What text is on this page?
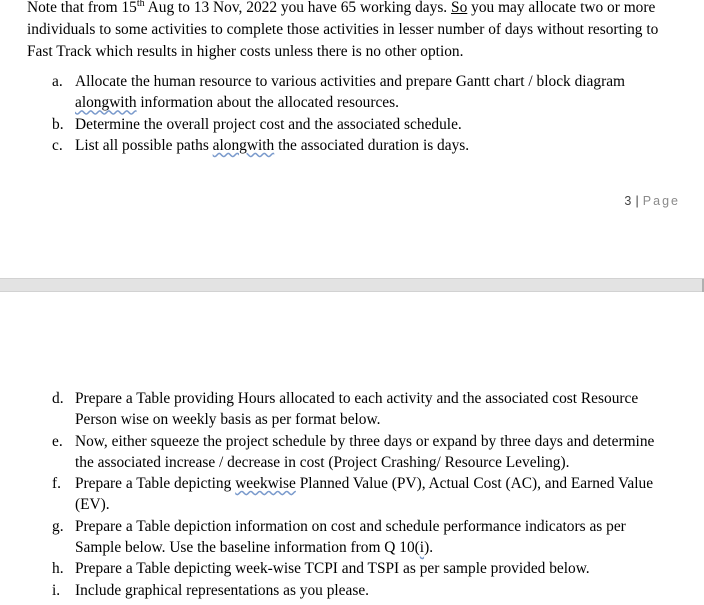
Note that from 15th Aug to 13 Nov, 2022 you have 65 working days. So you may allocate two or more individuals to some activities to complete those activities in lesser number of days without resorting to Fast Track which results in higher costs unless there is no other option.
a. Allocate the human resource to various activities and prepare Gantt chart / block diagram alongwith information about the allocated resources.
b. Determine the overall project cost and the associated schedule.
c. List all possible paths alongwith the associated duration is days.
3 | Page
d. Prepare a Table providing Hours allocated to each activity and the associated cost Resource Person wise on weekly basis as per format below.
e. Now, either squeeze the project schedule by three days or expand by three days and determine the associated increase / decrease in cost (Project Crashing/ Resource Leveling).
f. Prepare a Table depicting weekwise Planned Value (PV), Actual Cost (AC), and Earned Value (EV).
g. Prepare a Table depiction information on cost and schedule performance indicators as per Sample below. Use the baseline information from Q 10(i).
h. Prepare a Table depicting week-wise TCPI and TSPI as per sample provided below.
i. Include graphical representations as you please.
